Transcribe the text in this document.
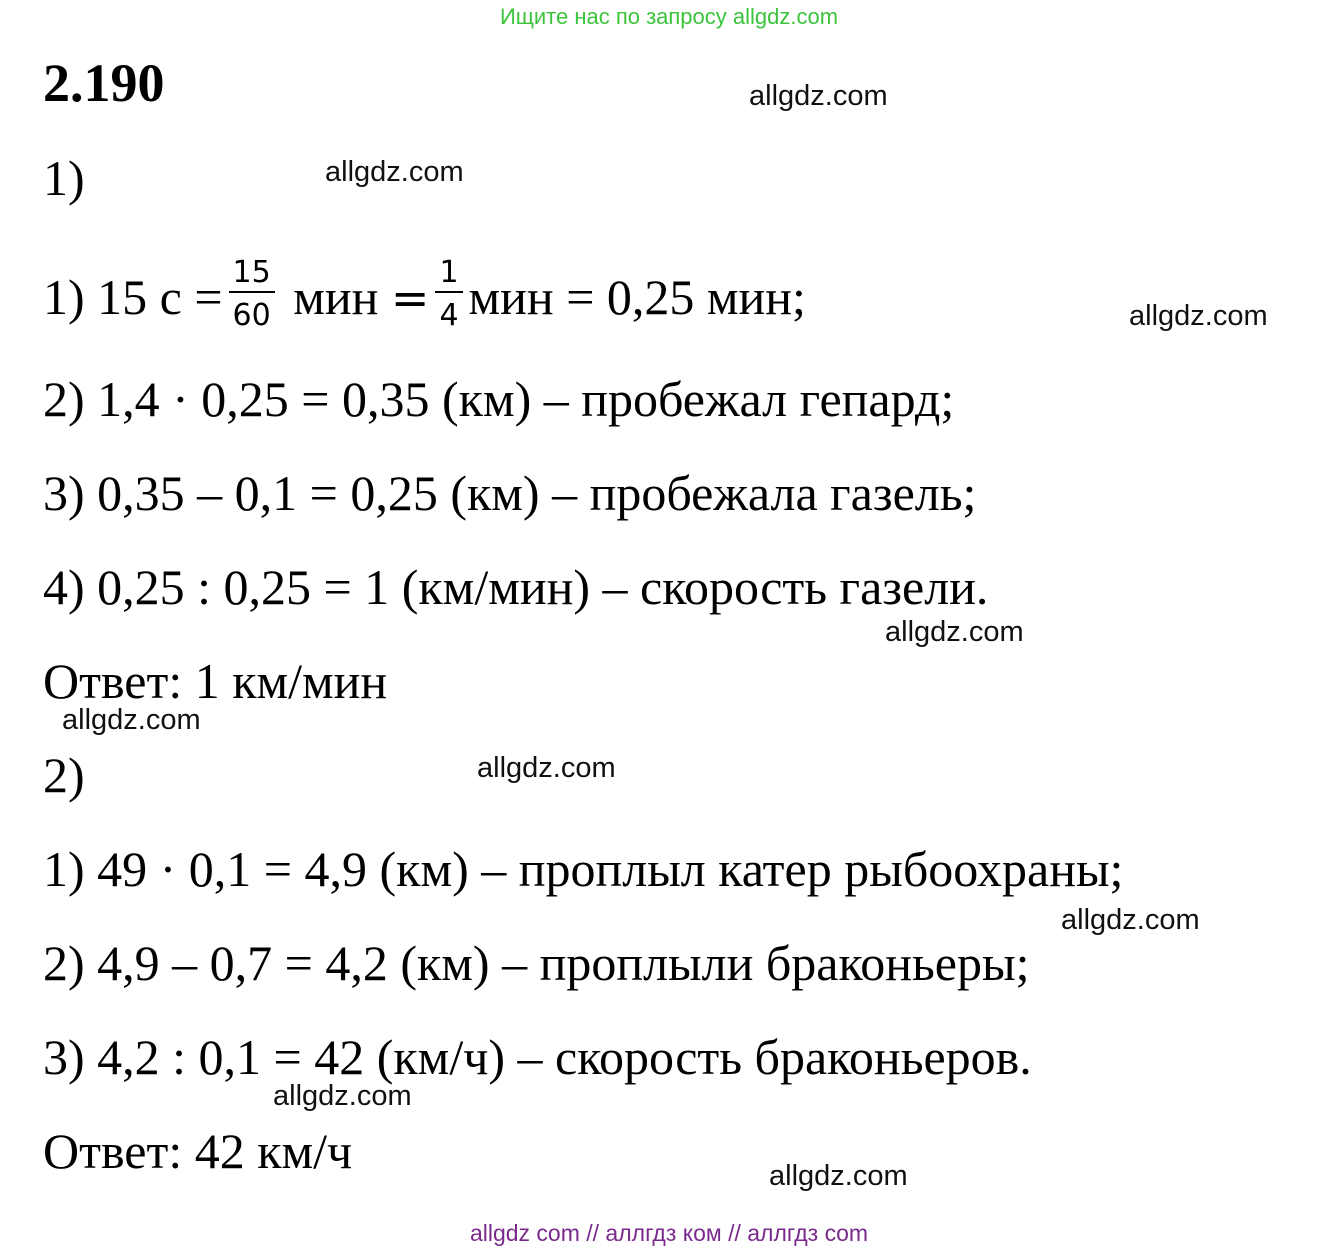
Ищите нас по запросу allgdz.com
2.190	allgdz.com
1)	allgdz.com
1) 15 $с = \frac{15}{60}$ мин = $\frac{1}{4}$ мин = 0,25 мин;	allgdz.com
2) 1,4 · 0,25 = 0,35 (км) – пробежал гепард;
3) 0,35 – 0,1 = 0,25 (км) – пробежала газель;
4) 0,25 : 0,25 = 1 (км/мин) – скорость газели.
allgdz.com
Ответ: 1 км/мин
allgdz.com
2)	allgdz.com
1) 49 · 0,1 = 4,9 (км) – проплыл катер рыбоохраны;
allgdz.com
2) 4,9 – 0,7 = 4,2 (км) – проплыли браконьеры;
3) 4,2 : 0,1 = 42 (км/ч) – скорость браконьеров.
allgdz.com
Ответ: 42 км/ч	allgdz.com
allgdz com // аллгдз ком // аллгдз com
